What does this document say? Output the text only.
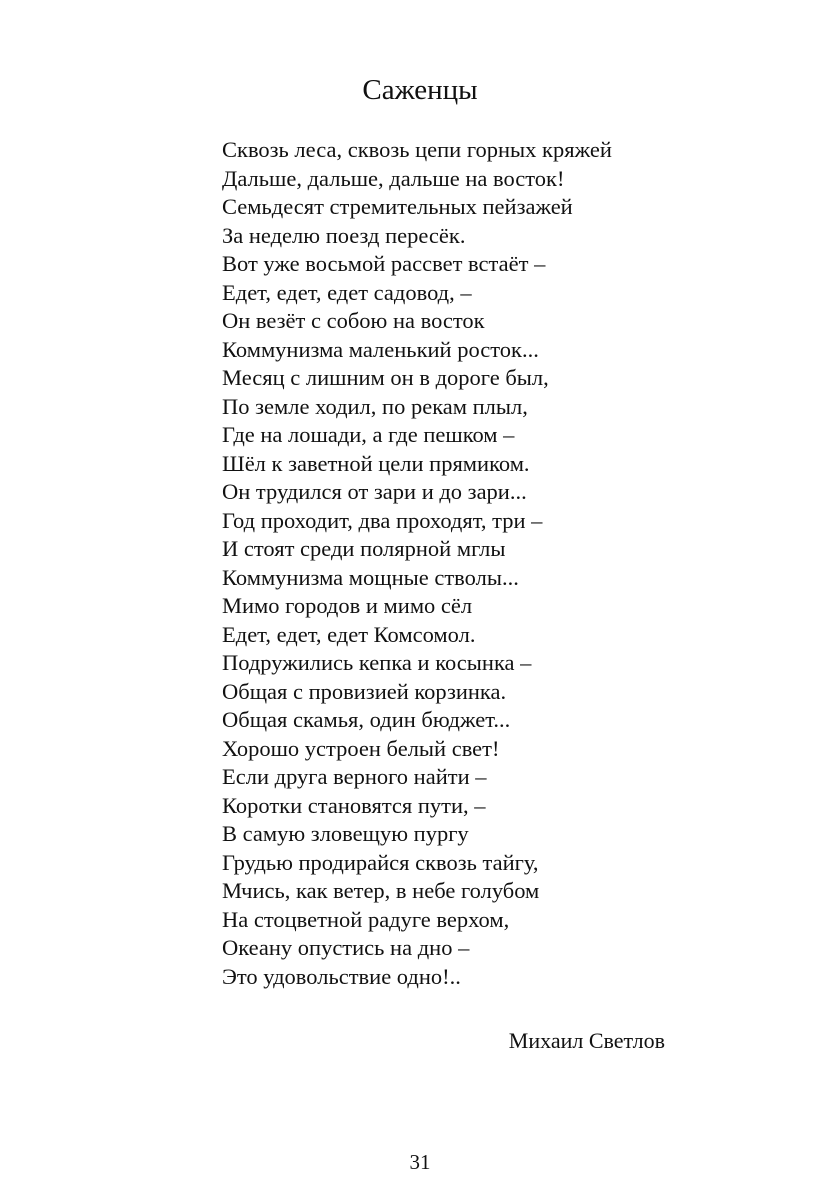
Саженцы
Сквозь леса, сквозь цепи горных кряжей
Дальше, дальше, дальше на восток!
Семьдесят стремительных пейзажей
За неделю поезд пересёк.
Вот уже восьмой рассвет встаёт –
Едет, едет, едет садовод, –
Он везёт с собою на восток
Коммунизма маленький росток...
Месяц с лишним он в дороге был,
По земле ходил, по рекам плыл,
Где на лошади, а где пешком –
Шёл к заветной цели прямиком.
Он трудился от зари и до зари...
Год проходит, два проходят, три –
И стоят среди полярной мглы
Коммунизма мощные стволы...
Мимо городов и мимо сёл
Едет, едет, едет Комсомол.
Подружились кепка и косынка –
Общая с провизией корзинка.
Общая скамья, один бюджет...
Хорошо устроен белый свет!
Если друга верного найти –
Коротки становятся пути, –
В самую зловещую пургу
Грудью продирайся сквозь тайгу,
Мчись, как ветер, в небе голубом
На стоцветной радуге верхом,
Океану опустись на дно –
Это удовольствие одно!..
Михаил Светлов
31
